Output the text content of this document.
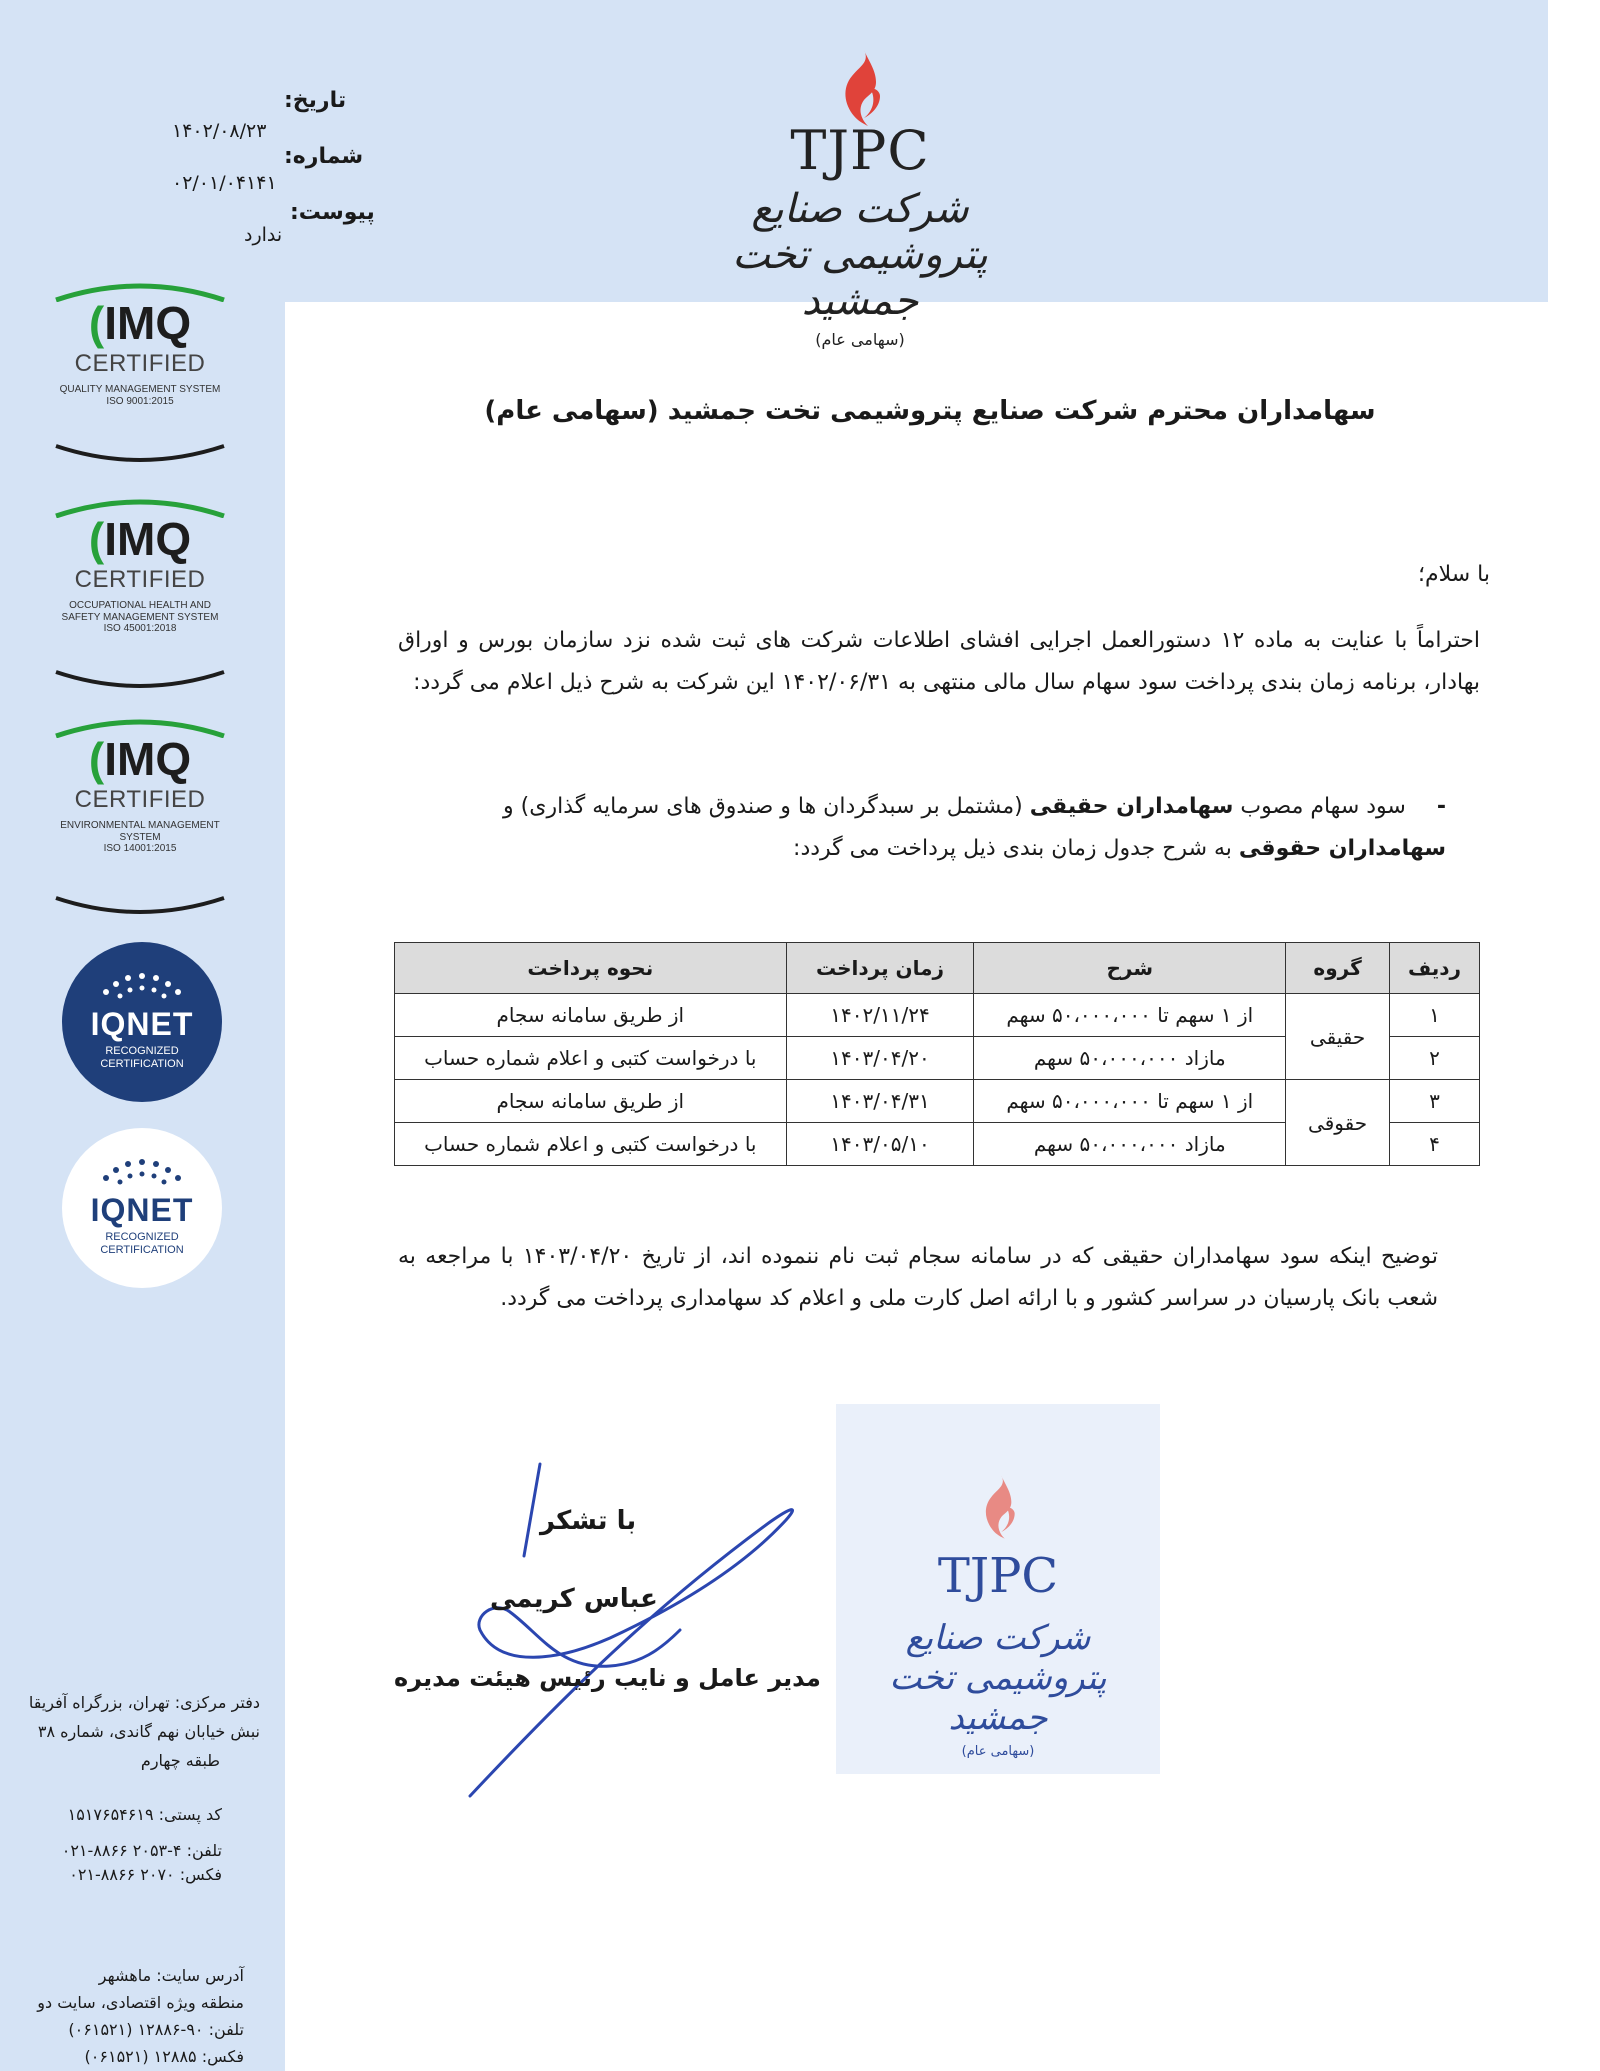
تاریخ:
۱۴۰۲/۰۸/۲۳
شماره:
۰۲/۰۱/۰۴۱۴۱
پیوست:
ندارد
TJPC
شرکت صنایع پتروشیمی تخت جمشید
(سهامی عام)
(IMQ
CERTIFIED
QUALITY MANAGEMENT SYSTEM
ISO 9001:2015
(IMQ
CERTIFIED
OCCUPATIONAL HEALTH AND SAFETY MANAGEMENT SYSTEM
ISO 45001:2018
(IMQ
CERTIFIED
ENVIRONMENTAL MANAGEMENT SYSTEM
ISO 14001:2015
IQNET
RECOGNIZED
CERTIFICATION
IQNET
RECOGNIZED
CERTIFICATION
دفتر مرکزی: تهران، بزرگراه آفریقا
نبش خیابان نهم گاندی، شماره ۳۸
طبقه چهارم
کد پستی: ۱۵۱۷۶۵۴۶۱۹
تلفن: ۴-۲۰۵۳ ۸۸۶۶-۰۲۱
فکس: ۲۰۷۰ ۸۸۶۶-۰۲۱
آدرس سایت: ماهشهر
منطقه ویژه اقتصادی، سایت دو
تلفن: ۹۰-۱۲۸۸۶ (۰۶۱۵۲۱)
فکس: ۱۲۸۸۵ (۰۶۱۵۲۱)
سهامداران محترم شرکت صنایع پتروشیمی تخت جمشید (سهامی عام)
با سلام؛
احتراماً با عنایت به ماده ۱۲ دستورالعمل اجرایی افشای اطلاعات شرکت های ثبت شده نزد سازمان بورس و اوراق بهادار، برنامه زمان بندی پرداخت سود سهام سال مالی منتهی به ۱۴۰۲/۰۶/۳۱ این شرکت به شرح ذیل اعلام می گردد:
- سود سهام مصوب سهامداران حقیقی (مشتمل بر سبدگردان ها و صندوق های سرمایه گذاری) و
سهامداران حقوقی به شرح جدول زمان بندی ذیل پرداخت می گردد:
ردیف	گروه	شرح	زمان پرداخت	نحوه پرداخت
۱	حقیقی	از ۱ سهم تا ۵۰،۰۰۰،۰۰۰ سهم	۱۴۰۲/۱۱/۲۴	از طریق سامانه سجام
۲		مازاد ۵۰،۰۰۰،۰۰۰ سهم	۱۴۰۳/۰۴/۲۰	با درخواست کتبی و اعلام شماره حساب
۳	حقوقی	از ۱ سهم تا ۵۰،۰۰۰،۰۰۰ سهم	۱۴۰۳/۰۴/۳۱	از طریق سامانه سجام
۴		مازاد ۵۰،۰۰۰،۰۰۰ سهم	۱۴۰۳/۰۵/۱۰	با درخواست کتبی و اعلام شماره حساب
توضیح اینکه سود سهامداران حقیقی که در سامانه سجام ثبت نام ننموده اند، از تاریخ ۱۴۰۳/۰۴/۲۰ با مراجعه به شعب بانک پارسیان در سراسر کشور و با ارائه اصل کارت ملی و اعلام کد سهامداری پرداخت می گردد.
TJPC
شرکت صنایع پتروشیمی تخت جمشید
(سهامی عام)
با تشکر
عباس کریمی
مدیر عامل و نایب رئیس هیئت مدیره
